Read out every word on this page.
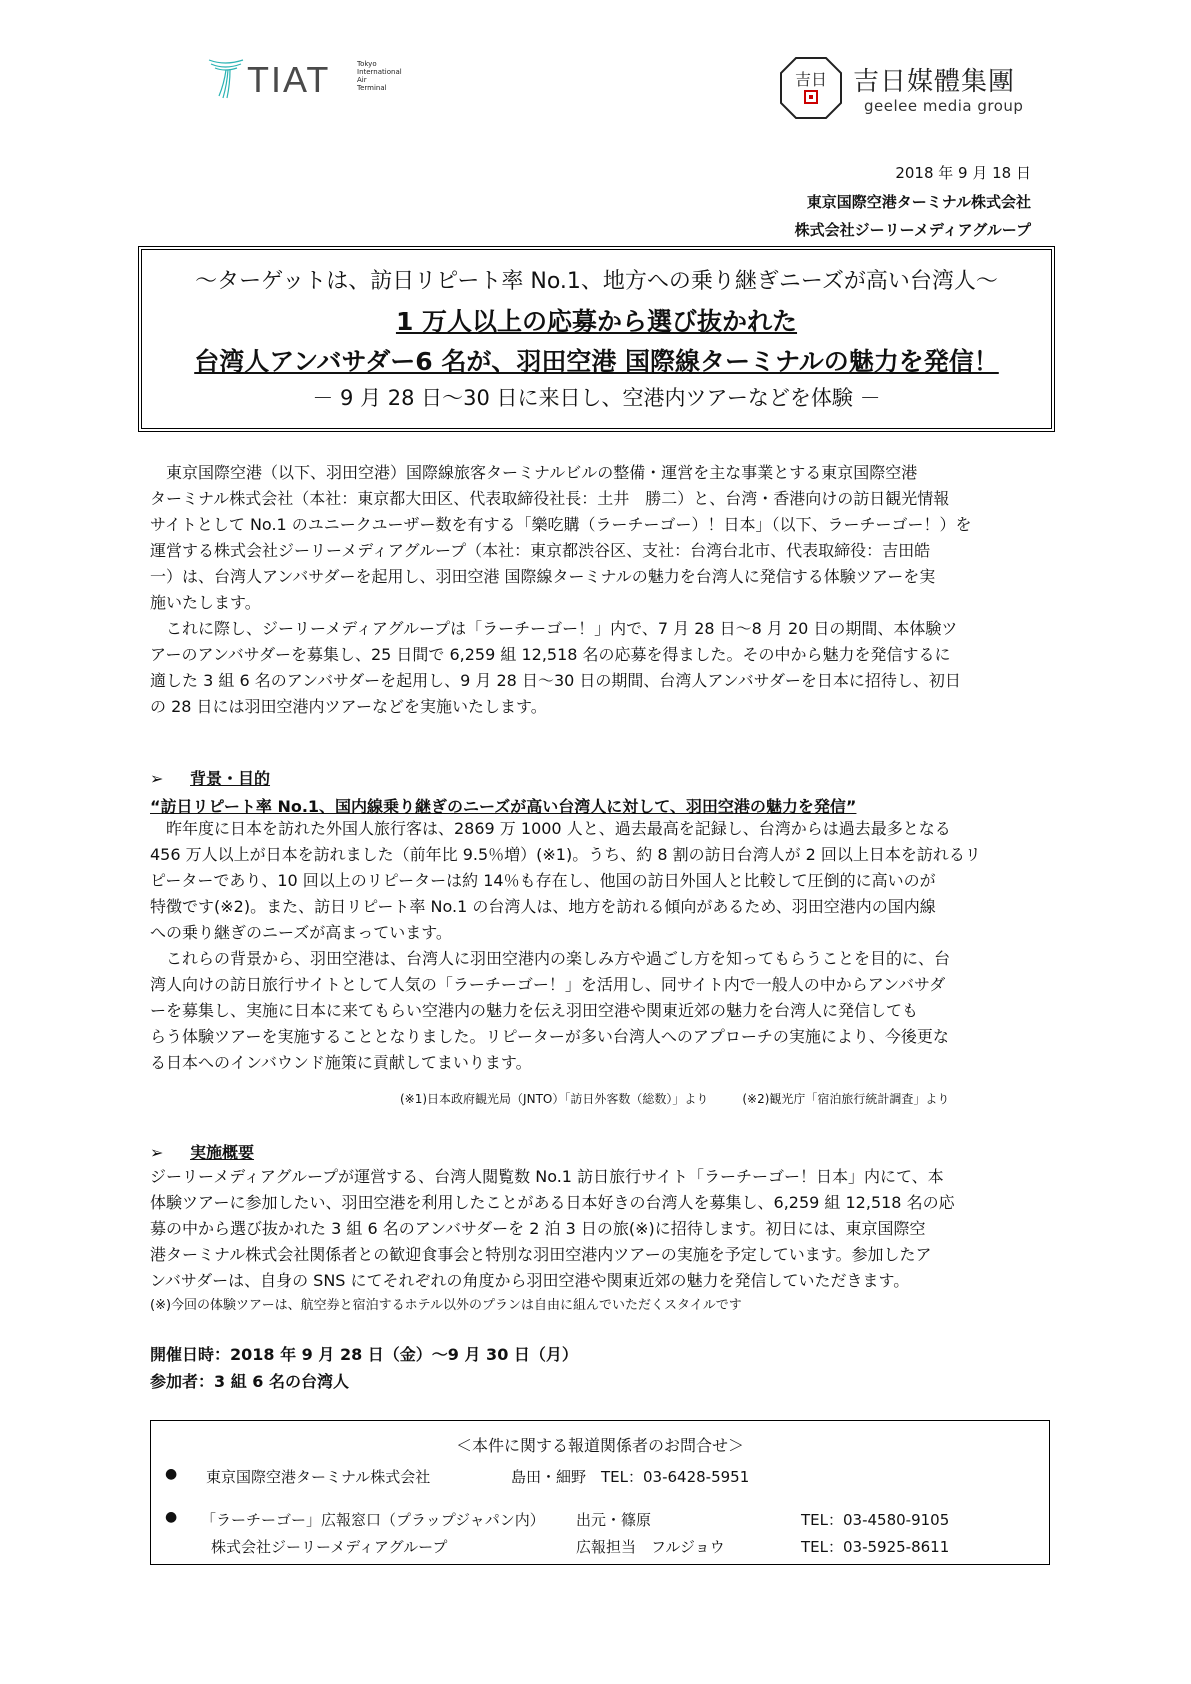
TIAT	Tokyo
International
Air
Terminal	吉日 吉日媒體集團
geelee media group
2018 年 9 月 18 日
東京国際空港ターミナル株式会社
株式会社ジーリーメディアグループ
～ターゲットは、訪日リピート率 No.1、地方への乗り継ぎニーズが高い台湾人～
1 万人以上の応募から選び抜かれた
台湾人アンバサダー6 名が、羽田空港 国際線ターミナルの魅力を発信！
－ 9 月 28 日～30 日に来日し、空港内ツアーなどを体験 －

　東京国際空港（以下、羽田空港）国際線旅客ターミナルビルの整備・運営を主な事業とする東京国際空港

ターミナル株式会社（本社：東京都大田区、代表取締役社長：土井　勝二）と、台湾・香港向けの訪日観光情報

サイトとして No.1 のユニークユーザー数を有する「樂吃購（ラーチーゴー）！日本」（以下、ラーチーゴー！）を

運営する株式会社ジーリーメディアグループ（本社：東京都渋谷区、支社：台湾台北市、代表取締役：吉田皓

一）は、台湾人アンバサダーを起用し、羽田空港 国際線ターミナルの魅力を台湾人に発信する体験ツアーを実

施いたします。

　これに際し、ジーリーメディアグループは「ラーチーゴー！」内で、7 月 28 日～8 月 20 日の期間、本体験ツ

アーのアンバサダーを募集し、25 日間で 6,259 組 12,518 名の応募を得ました。その中から魅力を発信するに

適した 3 組 6 名のアンバサダーを起用し、9 月 28 日～30 日の期間、台湾人アンバサダーを日本に招待し、初日

の 28 日には羽田空港内ツアーなどを実施いたします。

➢ 背景・目的
“訪日リピート率 No.1、国内線乗り継ぎのニーズが高い台湾人に対して、羽田空港の魅力を発信”

　昨年度に日本を訪れた外国人旅行客は、2869 万 1000 人と、過去最高を記録し、台湾からは過去最多となる

456 万人以上が日本を訪れました（前年比 9.5％増）(※1)。うち、約 8 割の訪日台湾人が 2 回以上日本を訪れるリ

ピーターであり、10 回以上のリピーターは約 14％も存在し、他国の訪日外国人と比較して圧倒的に高いのが

特徴です(※2)。また、訪日リピート率 No.1 の台湾人は、地方を訪れる傾向があるため、羽田空港内の国内線

への乗り継ぎのニーズが高まっています。

　これらの背景から、羽田空港は、台湾人に羽田空港内の楽しみ方や過ごし方を知ってもらうことを目的に、台

湾人向けの訪日旅行サイトとして人気の「ラーチーゴー！」を活用し、同サイト内で一般人の中からアンバサダ

ーを募集し、実施に日本に来てもらい空港内の魅力を伝え羽田空港や関東近郊の魅力を台湾人に発信しても

らう体験ツアーを実施することとなりました。リピーターが多い台湾人へのアプローチの実施により、今後更な

る日本へのインバウンド施策に貢献してまいります。

(※1)日本政府観光局（JNTO）「訪日外客数（総数）」より	(※2)観光庁「宿泊旅行統計調査」より
➢ 実施概要

ジーリーメディアグループが運営する、台湾人閲覧数 No.1 訪日旅行サイト「ラーチーゴー！日本」内にて、本

体験ツアーに参加したい、羽田空港を利用したことがある日本好きの台湾人を募集し、6,259 組 12,518 名の応

募の中から選び抜かれた 3 組 6 名のアンバサダーを 2 泊 3 日の旅(※)に招待します。初日には、東京国際空

港ターミナル株式会社関係者との歓迎食事会と特別な羽田空港内ツアーの実施を予定しています。参加したア

ンバサダーは、自身の SNS にてそれぞれの角度から羽田空港や関東近郊の魅力を発信していただきます。

(※)今回の体験ツアーは、航空券と宿泊するホテル以外のプランは自由に組んでいただくスタイルです
開催日時：2018 年 9 月 28 日（金）～9 月 30 日（月）
参加者：3 組 6 名の台湾人
＜本件に関する報道関係者のお問合せ＞
● 東京国際空港ターミナル株式会社	島田・細野 TEL：03-6428-5951
● 「ラーチーゴー」広報窓口（プラップジャパン内） 出元・篠原	TEL：03-4580-9105
株式会社ジーリーメディアグループ	広報担当　フルジョウ	TEL：03-5925-8611
